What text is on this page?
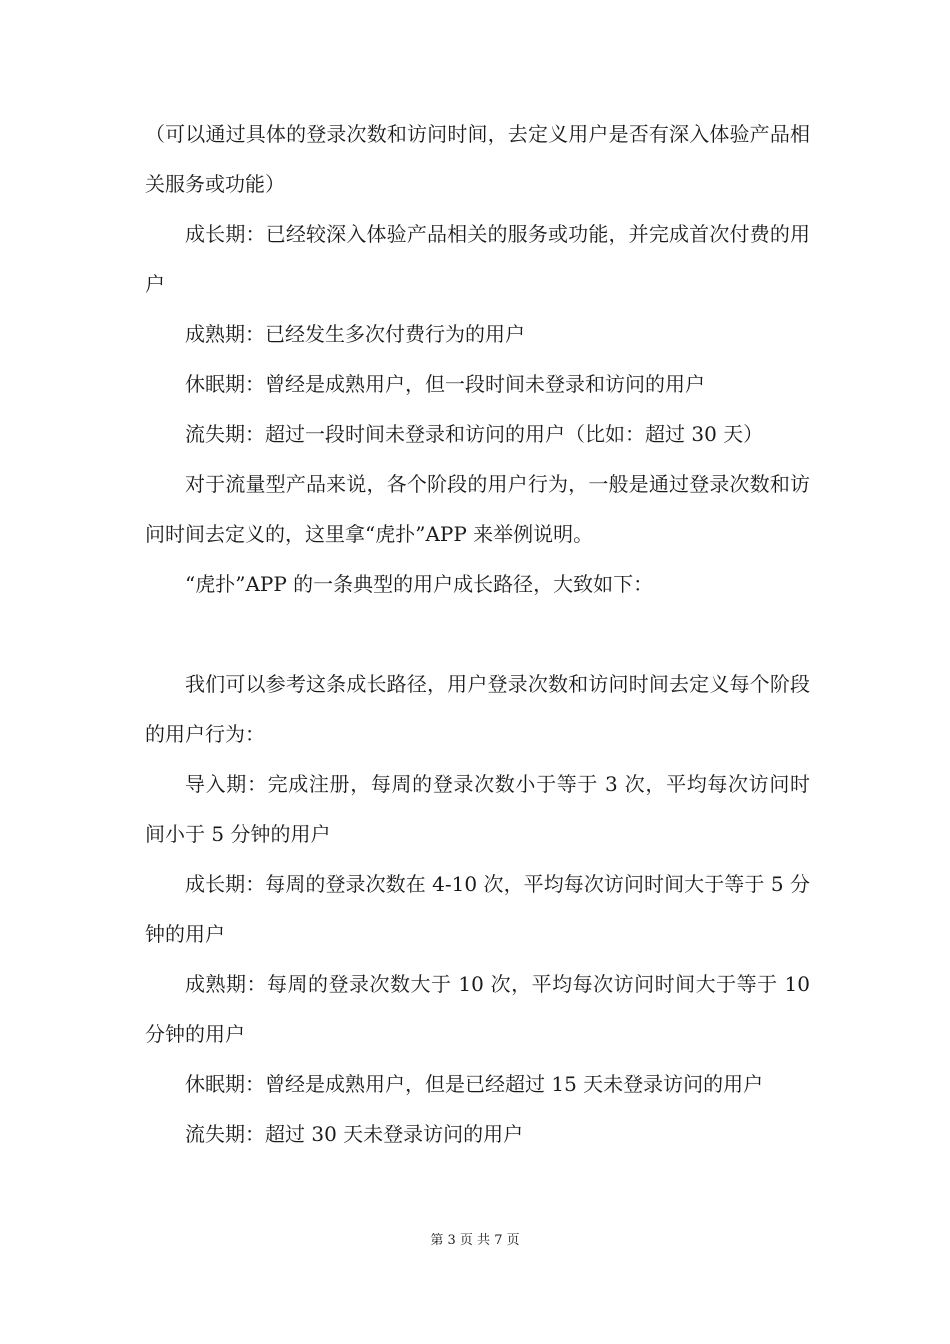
（可以通过具体的登录次数和访问时间，去定义用户是否有深入体验产品相关服务或功能）

成长期：已经较深入体验产品相关的服务或功能，并完成首次付费的用户

成熟期：已经发生多次付费行为的用户

休眠期：曾经是成熟用户，但一段时间未登录和访问的用户

流失期：超过一段时间未登录和访问的用户（比如：超过 30 天）

对于流量型产品来说，各个阶段的用户行为，一般是通过登录次数和访问时间去定义的，这里拿“虎扑”APP 来举例说明。

“虎扑”APP 的一条典型的用户成长路径，大致如下：

我们可以参考这条成长路径，用户登录次数和访问时间去定义每个阶段的用户行为：

导入期：完成注册，每周的登录次数小于等于 3 次，平均每次访问时间小于 5 分钟的用户

成长期：每周的登录次数在 4-10 次，平均每次访问时间大于等于 5 分钟的用户

成熟期：每周的登录次数大于 10 次，平均每次访问时间大于等于 10 分钟的用户

休眠期：曾经是成熟用户，但是已经超过 15 天未登录访问的用户

流失期：超过 30 天未登录访问的用户

第 3 页 共 7 页
